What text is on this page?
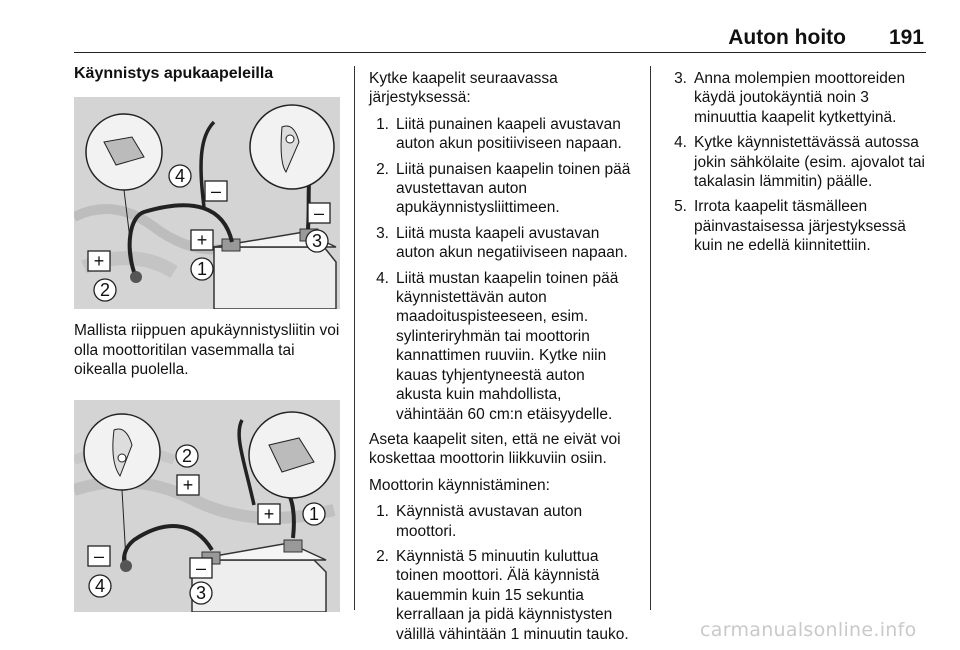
Auton hoito 191
Käynnistys apukaapeleilla
4
–
–
+
+
3
2
1
Mallista riippuen apukäynnistysliitin voi olla moottoritilan vasemmalla tai oikealla puolella.
2
+
+ 1
–
–
4	3

Kytke kaapelit seuraavassa järjestyksessä:

1. Liitä punainen kaapeli avustavan auton akun positiiviseen napaan.
2. Liitä punaisen kaapelin toinen pää avustettavan auton apukäynnistysliittimeen.
3. Liitä musta kaapeli avustavan auton akun negatiiviseen napaan.
4. Liitä mustan kaapelin toinen pää käynnistettävän auton maadoituspisteeseen, esim. sylinteriryhmän tai moottorin kannattimen ruuviin. Kytke niin kauas tyhjentyneestä auton akusta kuin mahdollista, vähintään 60 cm:n etäisyydelle.

Aseta kaapelit siten, että ne eivät voi koskettaa moottorin liikkuviin osiin.

Moottorin käynnistäminen:

1. Käynnistä avustavan auton moottori.
2. Käynnistä 5 minuutin kuluttua toinen moottori. Älä käynnistä kauemmin kuin 15 sekuntia kerrallaan ja pidä käynnistysten välillä vähintään 1 minuutin tauko.
3. Anna molempien moottoreiden käydä joutokäyntiä noin 3 minuuttia kaapelit kytkettyinä.
4. Kytke käynnistettävässä autossa jokin sähkölaite (esim. ajovalot tai takalasin lämmitin) päälle.
5. Irrota kaapelit täsmälleen päinvastaisessa järjestyksessä kuin ne edellä kiinnitettiin.
carmanualsonline.info
